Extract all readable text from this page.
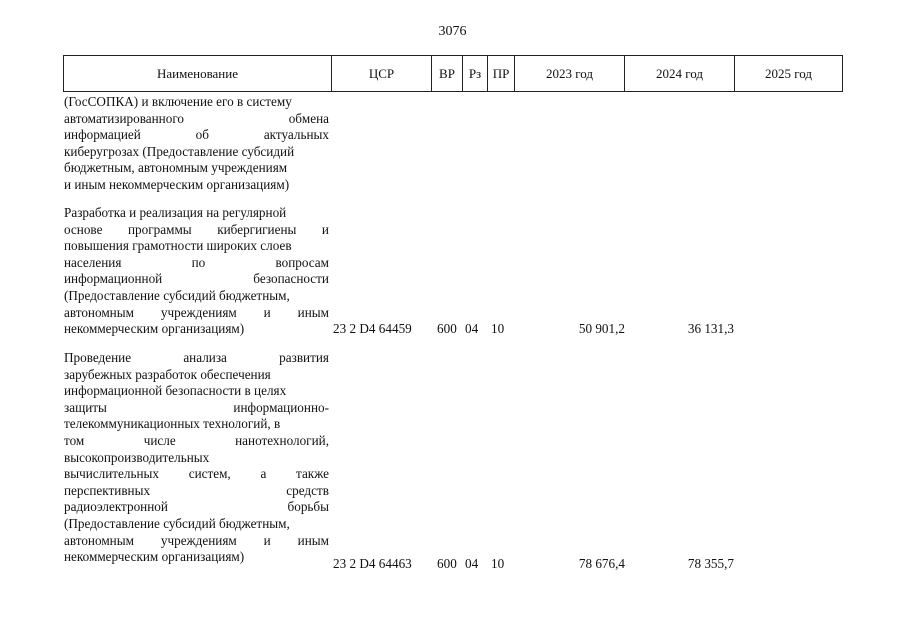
3076
Наименование	ЦСР	ВР	Рз ПР	2023 год	2024 год	2025 год
(ГосСОПКА) и включение его в систему
автоматизированного обмена
информацией об актуальных
киберугрозах (Предоставление субсидий
бюджетным, автономным учреждениям
и иным некоммерческим организациям)
Разработка и реализация на регулярной
основе программы кибергигиены и
повышения грамотности широких слоев
населения по вопросам
информационной безопасности
(Предоставление субсидий бюджетным,
автономным учреждениям и иным
некоммерческим организациям)	23 2 D4 64459 600 04 10	50 901,2	36 131,3
Проведение анализа развития
зарубежных разработок обеспечения
информационной безопасности в целях
защиты информационно-
телекоммуникационных технологий, в
том числе нанотехнологий,
высокопроизводительных
вычислительных систем, а также
перспективных средств
радиоэлектронной борьбы
(Предоставление субсидий бюджетным,
автономным учреждениям и иным
некоммерческим организациям)	23 2 D4 64463 600 04 10	78 676,4	78 355,7
